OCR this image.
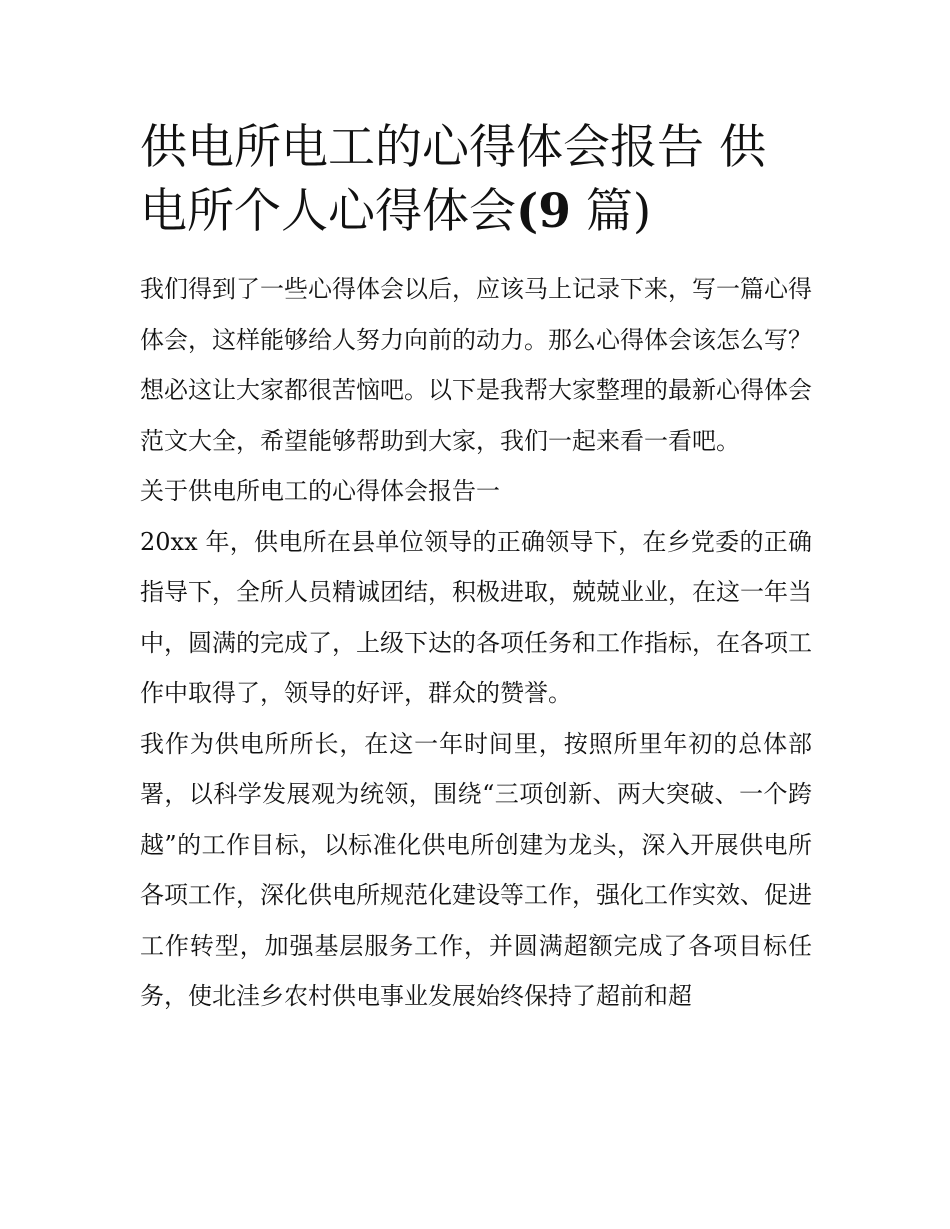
供电所电工的心得体会报告 供电所个人心得体会(9 篇)

我们得到了一些心得体会以后，应该马上记录下来，写一篇心得体会，这样能够给人努力向前的动力。那么心得体会该怎么写？想必这让大家都很苦恼吧。以下是我帮大家整理的最新心得体会范文大全，希望能够帮助到大家，我们一起来看一看吧。

关于供电所电工的心得体会报告一

20xx 年，供电所在县单位领导的正确领导下，在乡党委的正确指导下，全所人员精诚团结，积极进取，兢兢业业，在这一年当中，圆满的完成了，上级下达的各项任务和工作指标，在各项工作中取得了，领导的好评，群众的赞誉。

我作为供电所所长，在这一年时间里，按照所里年初的总体部署，以科学发展观为统领，围绕“三项创新、两大突破、一个跨越”的工作目标，以标准化供电所创建为龙头，深入开展供电所各项工作，深化供电所规范化建设等工作，强化工作实效、促进工作转型，加强基层服务工作，并圆满超额完成了各项目标任务，使北洼乡农村供电事业发展始终保持了超前和超
